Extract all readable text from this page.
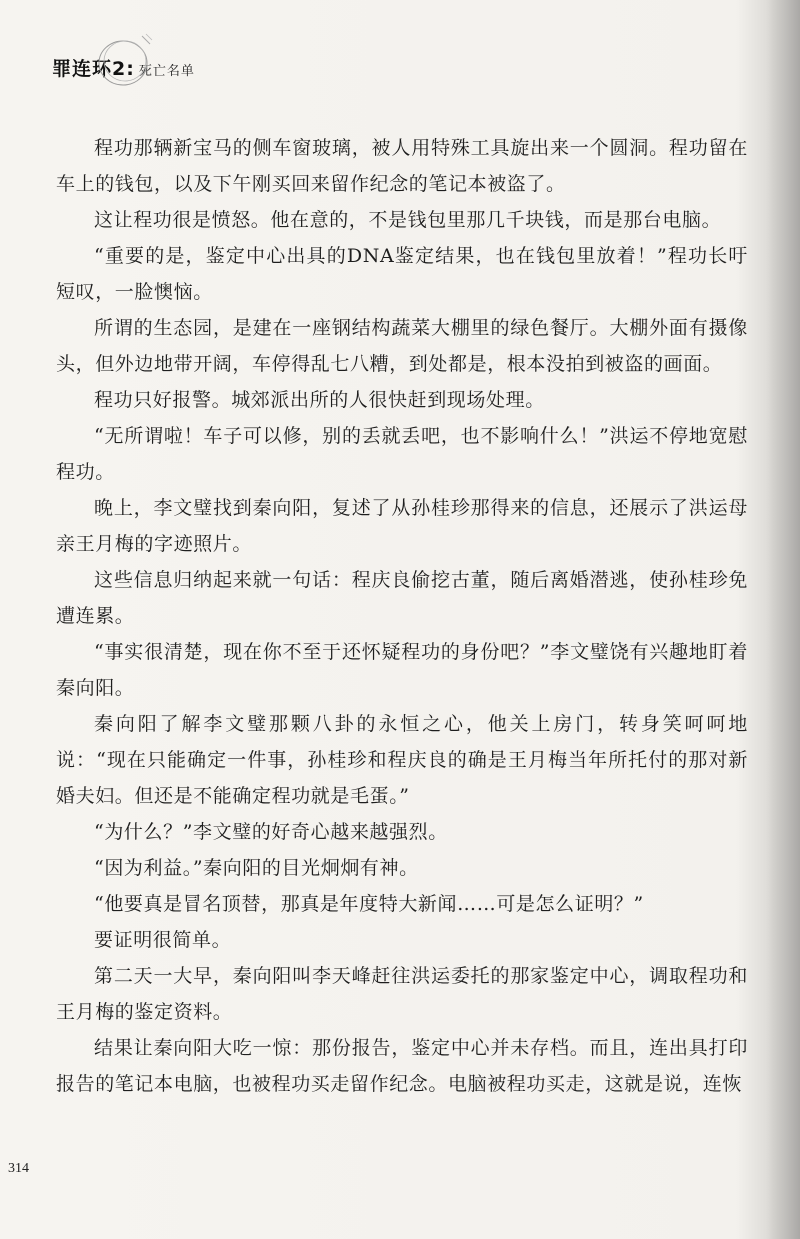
罪连环2: 死亡名单

程功那辆新宝马的侧车窗玻璃，被人用特殊工具旋出来一个圆洞。程功留在车上的钱包，以及下午刚买回来留作纪念的笔记本被盗了。

这让程功很是愤怒。他在意的，不是钱包里那几千块钱，而是那台电脑。

“重要的是，鉴定中心出具的DNA鉴定结果，也在钱包里放着！”程功长吁短叹，一脸懊恼。

所谓的生态园，是建在一座钢结构蔬菜大棚里的绿色餐厅。大棚外面有摄像头，但外边地带开阔，车停得乱七八糟，到处都是，根本没拍到被盗的画面。

程功只好报警。城郊派出所的人很快赶到现场处理。

“无所谓啦！车子可以修，别的丢就丢吧，也不影响什么！”洪运不停地宽慰程功。

晚上，李文璧找到秦向阳，复述了从孙桂珍那得来的信息，还展示了洪运母亲王月梅的字迹照片。

这些信息归纳起来就一句话：程庆良偷挖古董，随后离婚潜逃，使孙桂珍免遭连累。

“事实很清楚，现在你不至于还怀疑程功的身份吧？”李文璧饶有兴趣地盯着秦向阳。

秦向阳了解李文璧那颗八卦的永恒之心，他关上房门，转身笑呵呵地说：“现在只能确定一件事，孙桂珍和程庆良的确是王月梅当年所托付的那对新婚夫妇。但还是不能确定程功就是毛蛋。”

“为什么？”李文璧的好奇心越来越强烈。

“因为利益。”秦向阳的目光炯炯有神。

“他要真是冒名顶替，那真是年度特大新闻……可是怎么证明？”

要证明很简单。

第二天一大早，秦向阳叫李天峰赶往洪运委托的那家鉴定中心，调取程功和王月梅的鉴定资料。

结果让秦向阳大吃一惊：那份报告，鉴定中心并未存档。而且，连出具打印报告的笔记本电脑，也被程功买走留作纪念。电脑被程功买走，这就是说，连恢

314
